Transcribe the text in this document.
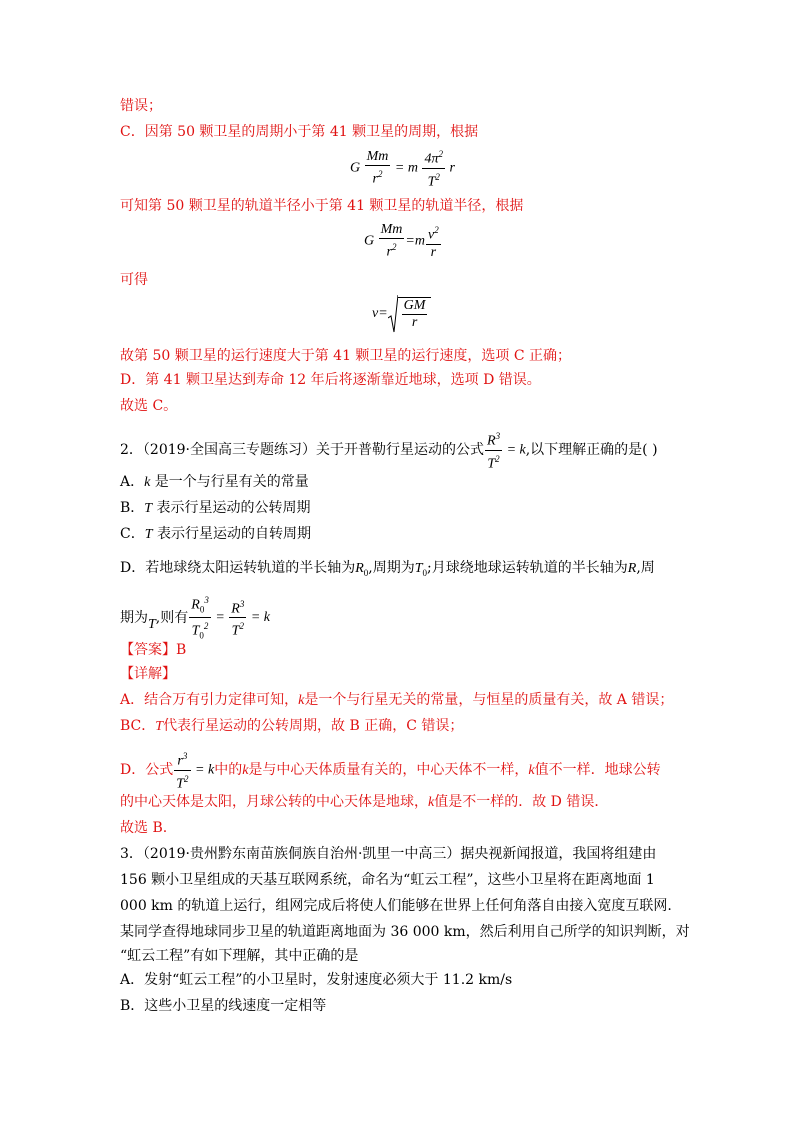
错误；
C．因第 50 颗卫星的周期小于第 41 颗卫星的周期，根据
G $\frac{Mm}{r^2} = m \frac{4\pi^2}{T^2}$ r
可知第 50 颗卫星的轨道半径小于第 41 颗卫星的轨道半径，根据
G $\frac{Mm}{r^2} =m \frac{v^2}{r}$
可得
$v= \frac{GM}{r}$
故第 50 颗卫星的运行速度大于第 41 颗卫星的运行速度，选项 C 正确；
D．第 41 颗卫星达到寿命 12 年后将逐渐靠近地球，选项 D 错误。
故选 C。
2．（2019·全国高三专题练习）关于开普勒行星运动的公式 $\frac{R^3}{T^2} = k$,以下理解正确的是( )
A．k 是一个与行星有关的常量
B．T 表示行星运动的公转周期
C．T 表示行星运动的自转周期
D．若地球绕太阳运转轨道的半长轴为$R_0$,周期为$T_0$;月球绕地球运转轨道的半长轴为R,周
期为T,则有 $\frac{R_0^3}{T_0^2} = \frac{R^3}{T^2} = k$
【答案】B
【详解】
A．结合万有引力定律可知，k是一个与行星无关的常量，与恒星的质量有关，故 A 错误；
BC．T代表行星运动的公转周期，故 B 正确，C 错误；
D．公式 $\frac{r^3}{T^2} = k$中的k是与中心天体质量有关的，中心天体不一样，k值不一样．地球公转
的中心天体是太阳，月球公转的中心天体是地球，k值是不一样的．故 D 错误．
故选 B.
3．（2019·贵州黔东南苗族侗族自治州·凯里一中高三）据央视新闻报道，我国将组建由
156 颗小卫星组成的天基互联网系统，命名为“虹云工程”，这些小卫星将在距离地面 1
000 km 的轨道上运行，组网完成后将使人们能够在世界上任何角落自由接入宽度互联网.
某同学查得地球同步卫星的轨道距离地面为 36 000 km，然后利用自己所学的知识判断，对
“虹云工程”有如下理解，其中正确的是
A．发射“虹云工程”的小卫星时，发射速度必须大于 11.2 km/s
B．这些小卫星的线速度一定相等
